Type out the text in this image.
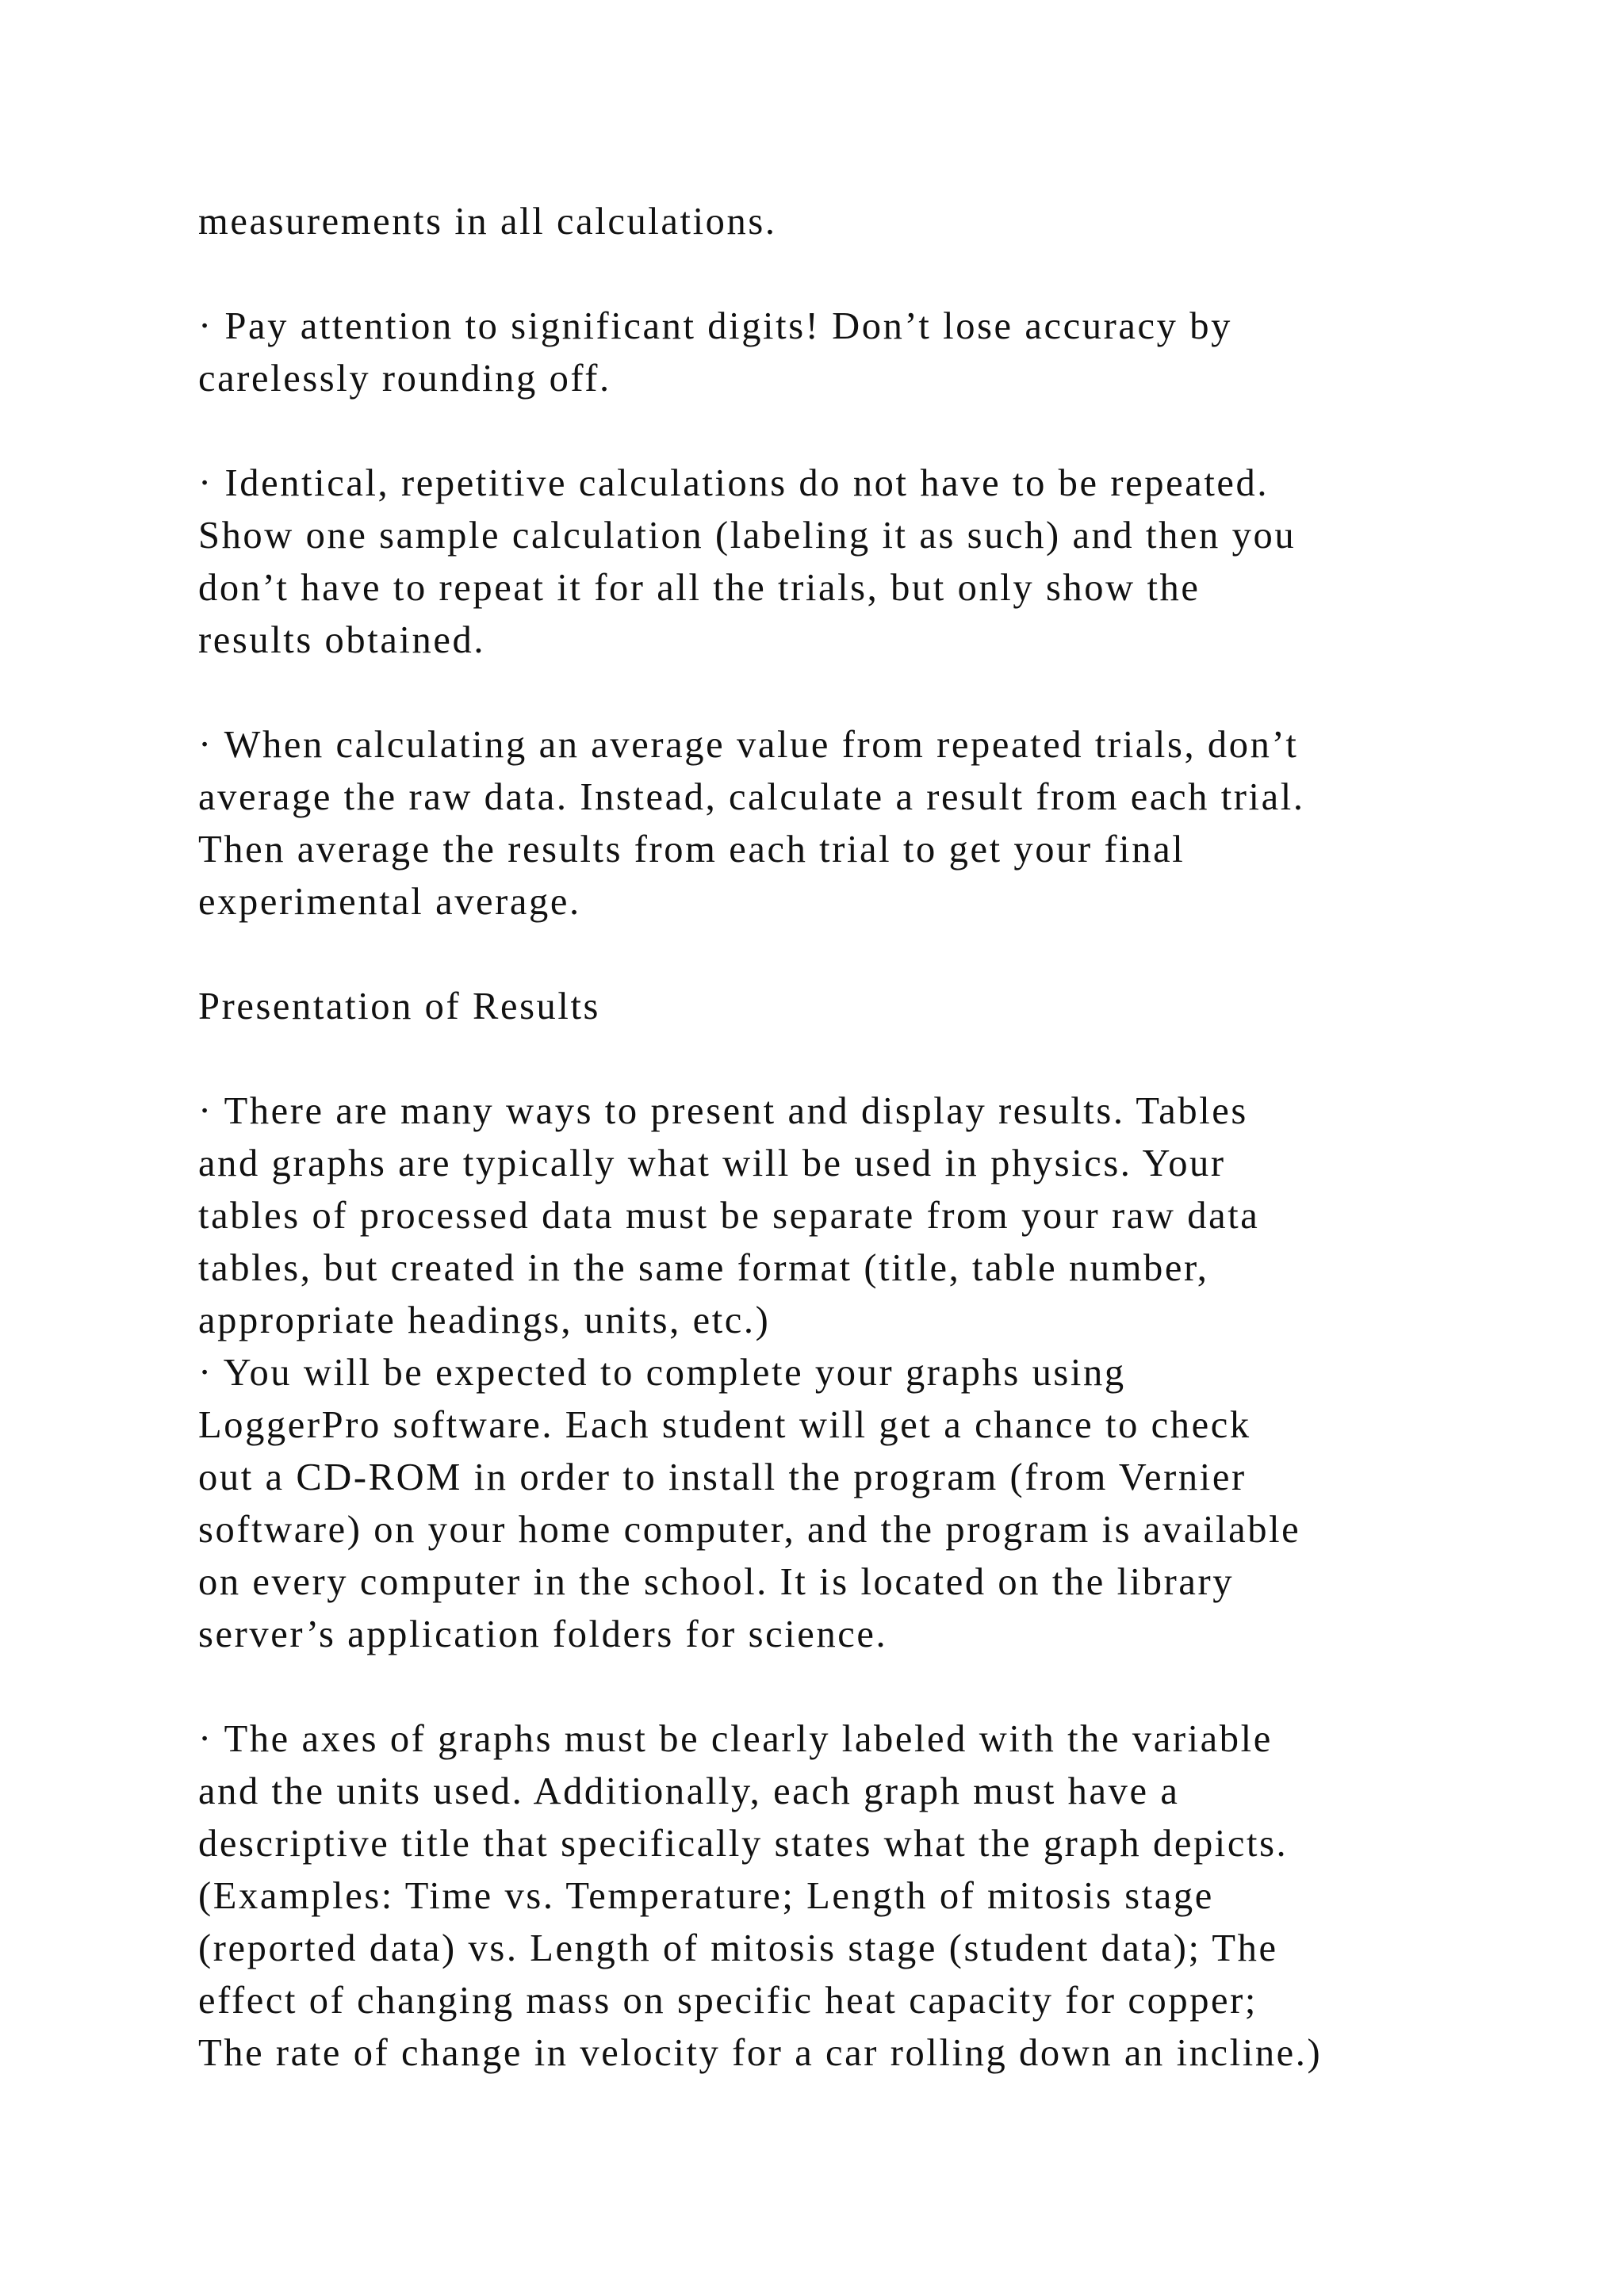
measurements in all calculations.
· Pay attention to significant digits! Don’t lose accuracy by
carelessly rounding off.
· Identical, repetitive calculations do not have to be repeated.
Show one sample calculation (labeling it as such) and then you
don’t have to repeat it for all the trials, but only show the
results obtained.
· When calculating an average value from repeated trials, don’t
average the raw data. Instead, calculate a result from each trial.
Then average the results from each trial to get your final
experimental average.
Presentation of Results
· There are many ways to present and display results. Tables
and graphs are typically what will be used in physics. Your
tables of processed data must be separate from your raw data
tables, but created in the same format (title, table number,
appropriate headings, units, etc.)
· You will be expected to complete your graphs using
LoggerPro software. Each student will get a chance to check
out a CD-ROM in order to install the program (from Vernier
software) on your home computer, and the program is available
on every computer in the school. It is located on the library
server’s application folders for science.
· The axes of graphs must be clearly labeled with the variable
and the units used. Additionally, each graph must have a
descriptive title that specifically states what the graph depicts.
(Examples: Time vs. Temperature; Length of mitosis stage
(reported data) vs. Length of mitosis stage (student data); The
effect of changing mass on specific heat capacity for copper;
The rate of change in velocity for a car rolling down an incline.)
